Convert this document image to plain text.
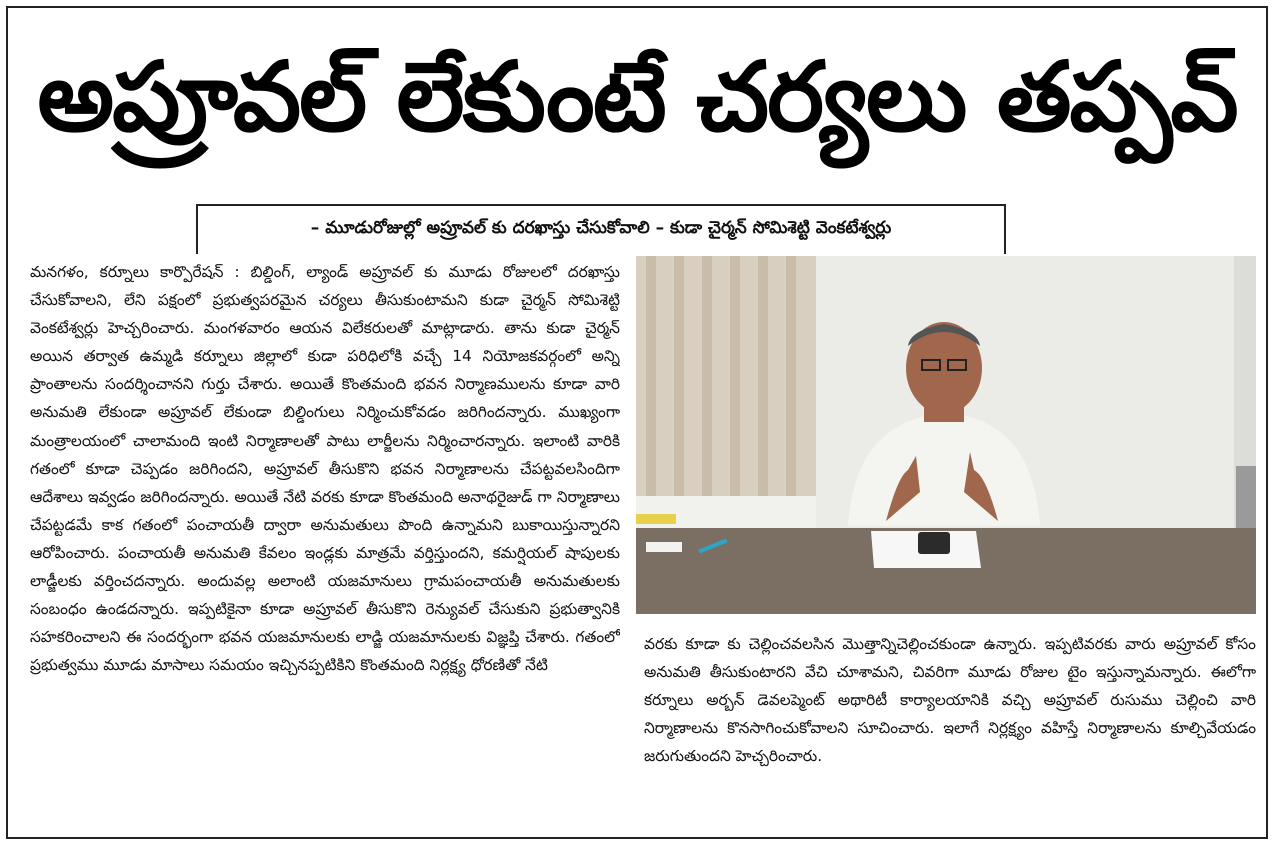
అప్రూవల్ లేకుంటే చర్యలు తప్పవ్
– మూడురోజుల్లో అప్రూవల్ కు దరఖాస్తు చేసుకోవాలి – కుడా చైర్మన్ సోమిశెట్టి వెంకటేశ్వర్లు
మనగళం, కర్నూలు కార్పొరేషన్ : బిల్డింగ్, ల్యాండ్ అప్రూవల్ కు మూడు రోజులలో దరఖాస్తు చేసుకోవాలని, లేని పక్షంలో ప్రభుత్వపరమైన చర్యలు తీసుకుంటామని కుడా చైర్మన్ సోమిశెట్టి వెంకటేశ్వర్లు హెచ్చరించారు. మంగళవారం ఆయన విలేకరులతో మాట్లాడారు. తాను కుడా చైర్మన్ అయిన తర్వాత ఉమ్మడి కర్నూలు జిల్లాలో కుడా పరిధిలోకి వచ్చే 14 నియోజకవర్గంలో అన్ని ప్రాంతాలను సందర్శించానని గుర్తు చేశారు. అయితే కొంతమంది భవన నిర్మాణములను కూడా వారి అనుమతి లేకుండా అప్రూవల్ లేకుండా బిల్డింగులు నిర్మించుకోవడం జరిగిందన్నారు. ముఖ్యంగా మంత్రాలయంలో చాలామంది ఇంటి నిర్మాణాలతో పాటు లార్జీలను నిర్మించారన్నారు. ఇలాంటి వారికి గతంలో కూడా చెప్పడం జరిగిందని, అప్రూవల్ తీసుకొని భవన నిర్మాణాలను చేపట్టవలసిందిగా ఆదేశాలు ఇవ్వడం జరిగిందన్నారు. అయితే నేటి వరకు కూడా కొంతమంది అనాథరైజుడ్ గా నిర్మాణాలు చేపట్టడమే కాక గతంలో పంచాయతీ ద్వారా అనుమతులు పొంది ఉన్నామని బుకాయిస్తున్నారని ఆరోపించారు. పంచాయతీ అనుమతి కేవలం ఇండ్లకు మాత్రమే వర్తిస్తుందని, కమర్షియల్ షాపులకు లాడ్జీలకు వర్తించదన్నారు. అందువల్ల అలాంటి యజమానులు గ్రామపంచాయతీ అనుమతులకు సంబంధం ఉండదన్నారు. ఇప్పటికైనా కూడా అప్రూవల్ తీసుకొని రెన్యువల్ చేసుకుని ప్రభుత్వానికి సహకరించాలని ఈ సందర్భంగా భవన యజమానులకు లాడ్జి యజమానులకు విజ్ఞప్తి చేశారు. గతంలో ప్రభుత్వము మూడు మాసాలు సమయం ఇచ్చినప్పటికిని కొంతమంది నిర్లక్ష్య ధోరణితో నేటి
వరకు కూడా కు చెల్లించవలసిన మొత్తాన్నిచెల్లించకుండా ఉన్నారు. ఇప్పటివరకు వారు అప్రూవల్ కోసం అనుమతి తీసుకుంటారని వేచి చూశామని, చివరిగా మూడు రోజుల టైం ఇస్తున్నామన్నారు. ఈలోగా కర్నూలు అర్బన్ డెవలప్మెంట్ అథారిటీ కార్యాలయానికి వచ్చి అప్రూవల్ రుసుము చెల్లించి వారి నిర్మాణాలను కొనసాగించుకోవాలని సూచించారు. ఇలాగే నిర్లక్ష్యం వహిస్తే నిర్మాణాలను కూల్చివేయడం జరుగుతుందని హెచ్చరించారు.
